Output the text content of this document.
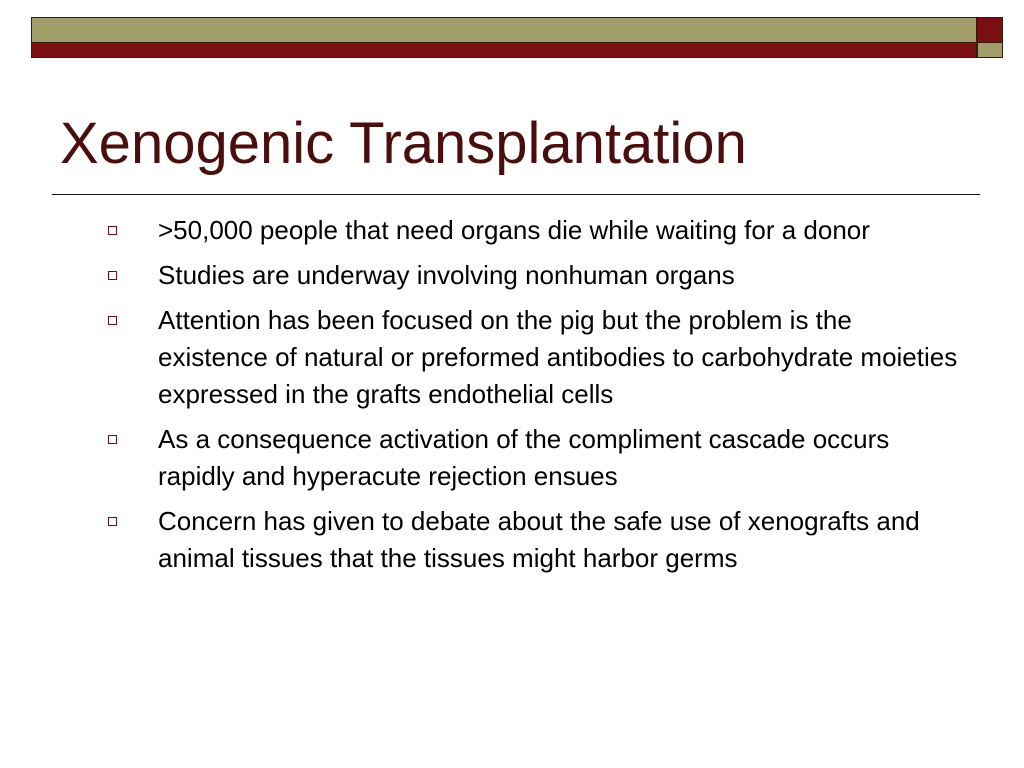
Xenogenic Transplantation
>50,000 people that need organs die while waiting for a donor
Studies are underway involving nonhuman organs
Attention has been focused on the pig but the problem is the existence of natural or preformed antibodies to carbohydrate moieties expressed in the grafts endothelial cells
As a consequence activation of the compliment cascade occurs rapidly and hyperacute rejection ensues
Concern has given to debate about the safe use of xenografts and animal tissues that the tissues might harbor germs
